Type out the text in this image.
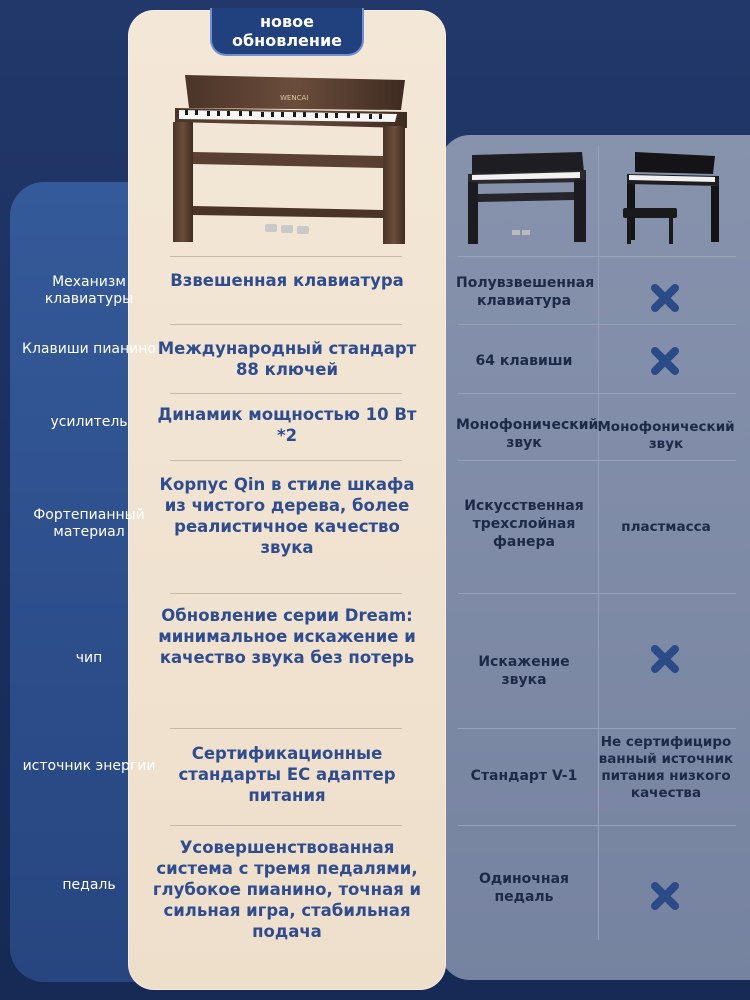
новое
обновление
WENCAI
Механизм клавиатуры
Клавиши пианино
усилитель
Фортепианный материал
чип
источник энергии
педаль
Взвешенная клавиатура
Международный стандарт 88 ключей
Динамик мощностью 10 Вт *2
Корпус Qin в стиле шкафа из чистого дерева, более реалистичное качество звука
Обновление серии Dream: минимальное искажение и качество звука без потерь
Сертификационные стандарты ЕС адаптер питания
Усовершенствованная система с тремя педалями, глубокое пианино, точная и сильная игра, стабильная подача
Полувзвешенная клавиатура
64 клавиши
Монофонический звук
Искусственная трехслойная фанера
Искажение звука
Стандарт V-1
Одиночная педаль
Монофонический звук
пластмасса
Не сертифицированный источник питания низкого качества
